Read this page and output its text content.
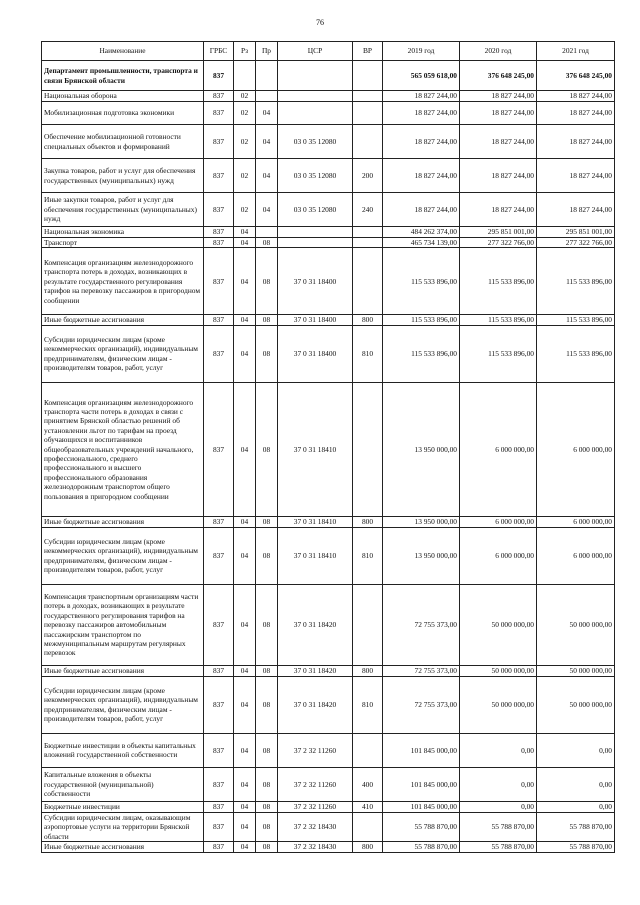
76
Наименование	ГРБС	Рз	Пр	ЦСР	ВР	2019 год	2020 год	2021 год
Департамент промышленности, транспорта и связи Брянской области	837					565 059 618,00	376 648 245,00	376 648 245,00
Национальная оборона	837	02				18 827 244,00	18 827 244,00	18 827 244,00
Мобилизационная подготовка экономики	837	02	04			18 827 244,00	18 827 244,00	18 827 244,00
Обеспечение мобилизационной готовности специальных объектов и формирований	837	02	04	03 0 35 12080		18 827 244,00	18 827 244,00	18 827 244,00
Закупка товаров, работ и услуг для обеспечения государственных (муниципальных) нужд	837	02	04	03 0 35 12080	200	18 827 244,00	18 827 244,00	18 827 244,00
Иные закупки товаров, работ и услуг для обеспечения государственных (муниципальных) нужд	837	02	04	03 0 35 12080	240	18 827 244,00	18 827 244,00	18 827 244,00
Национальная экономика	837	04				484 262 374,00	295 851 001,00	295 851 001,00
Транспорт	837	04	08			465 734 139,00	277 322 766,00	277 322 766,00
Компенсация организациям железнодорожного транспорта потерь в доходах, возникающих в результате государственного регулирования тарифов на перевозку пассажиров в пригородном сообщении	837	04	08	37 0 31 18400		115 533 896,00	115 533 896,00	115 533 896,00
Иные бюджетные ассигнования	837	04	08	37 0 31 18400	800	115 533 896,00	115 533 896,00	115 533 896,00
Субсидии юридическим лицам (кроме некоммерческих организаций), индивидуальным предпринимателям, физическим лицам - производителям товаров, работ, услуг	837	04	08	37 0 31 18400	810	115 533 896,00	115 533 896,00	115 533 896,00
Компенсация организациям железнодорожного транспорта части потерь в доходах в связи с принятием Брянской областью решений об установлении льгот по тарифам на проезд обучающихся и воспитанников общеобразовательных учреждений начального, профессионального, среднего профессионального и высшего профессионального образования железнодорожным транспортом общего пользования в пригородном сообщении	837	04	08	37 0 31 18410		13 950 000,00	6 000 000,00	6 000 000,00
Иные бюджетные ассигнования	837	04	08	37 0 31 18410	800	13 950 000,00	6 000 000,00	6 000 000,00
Субсидии юридическим лицам (кроме некоммерческих организаций), индивидуальным предпринимателям, физическим лицам - производителям товаров, работ, услуг	837	04	08	37 0 31 18410	810	13 950 000,00	6 000 000,00	6 000 000,00
Компенсация транспортным организациям части потерь в доходах, возникающих в результате государственного регулирования тарифов на перевозку пассажиров автомобильным пассажирским транспортом по межмуниципальным маршрутам регулярных перевозок	837	04	08	37 0 31 18420		72 755 373,00	50 000 000,00	50 000 000,00
Иные бюджетные ассигнования	837	04	08	37 0 31 18420	800	72 755 373,00	50 000 000,00	50 000 000,00
Субсидии юридическим лицам (кроме некоммерческих организаций), индивидуальным предпринимателям, физическим лицам - производителям товаров, работ, услуг	837	04	08	37 0 31 18420	810	72 755 373,00	50 000 000,00	50 000 000,00
Бюджетные инвестиции в объекты капитальных вложений государственной собственности	837	04	08	37 2 32 11260		101 845 000,00	0,00	0,00
Капитальные вложения в объекты государственной (муниципальной) собственности	837	04	08	37 2 32 11260	400	101 845 000,00	0,00	0,00
Бюджетные инвестиции	837	04	08	37 2 32 11260	410	101 845 000,00	0,00	0,00
Субсидии юридическим лицам, оказывающим аэропортовые услуги на территории Брянской области	837	04	08	37 2 32 18430		55 788 870,00	55 788 870,00	55 788 870,00
Иные бюджетные ассигнования	837	04	08	37 2 32 18430	800	55 788 870,00	55 788 870,00	55 788 870,00
